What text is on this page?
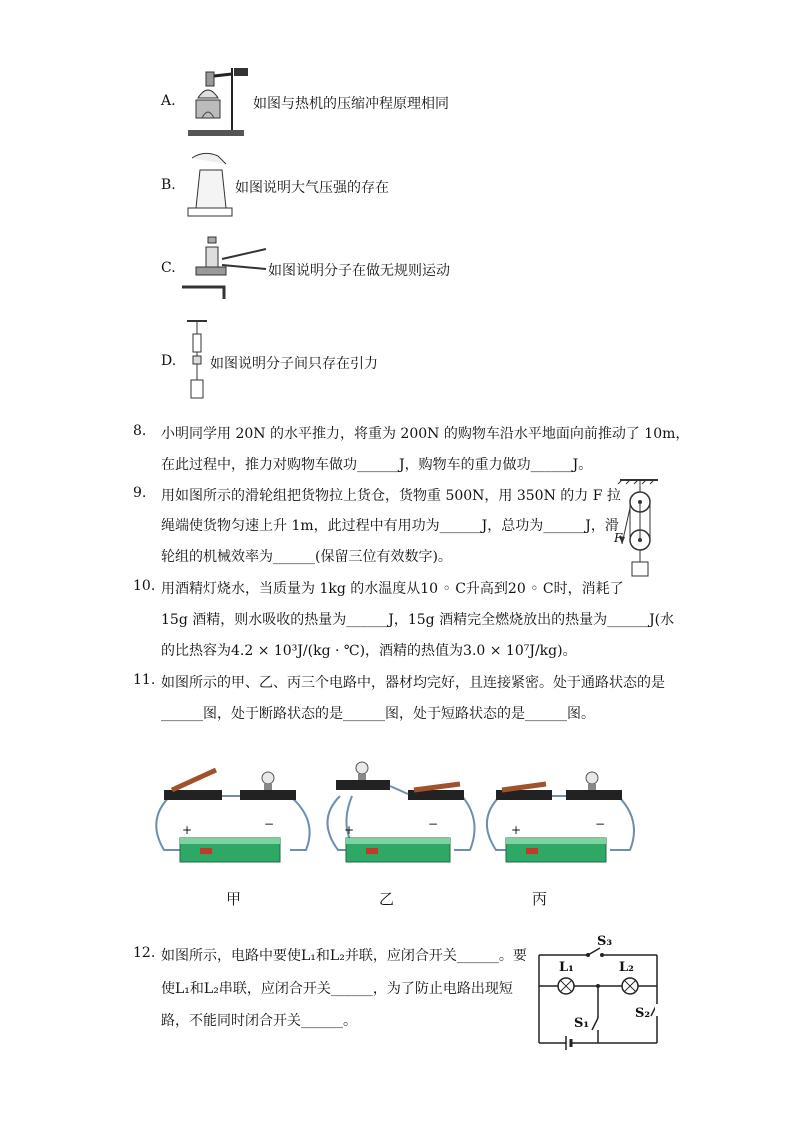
A.	如图与热机的压缩冲程原理相同
B.	如图说明大气压强的存在
C.	如图说明分子在做无规则运动
D. 如图说明分子间只存在引力
8. 小明同学用 20N 的水平推力，将重为 200N 的购物车沿水平地面向前推动了 10m，
在此过程中，推力对购物车做功______J，购物车的重力做功______J。
9. 用如图所示的滑轮组把货物拉上货仓，货物重 500N，用 350N 的力 F 拉
绳端使货物匀速上升 1m，此过程中有用功为______J，总功为______J，滑
轮组的机械效率为______(保留三位有效数字)。
F
10. 用酒精灯烧水，当质量为 1kg 的水温度从10 ◦ C升高到20 ◦ C时，消耗了
15g 酒精，则水吸收的热量为______J，15g 酒精完全燃烧放出的热量为______J(水
的比热容为4.2 × 10³J/(kg · ℃)，酒精的热值为3.0 × 10⁷J/kg)。
11. 如图所示的甲、乙、丙三个电路中，器材均完好，且连接紧密。处于通路状态的是
______图，处于断路状态的是______图，处于短路状态的是______图。
+	−	+	−	+	−
甲	乙	丙
12. 如图所示，电路中要使L₁和L₂并联，应闭合开关______。要
使L₁和L₂串联，应闭合开关______，为了防止电路出现短
路，不能同时闭合开关______。
S₃
L₁	L₂
S₁
S₂
